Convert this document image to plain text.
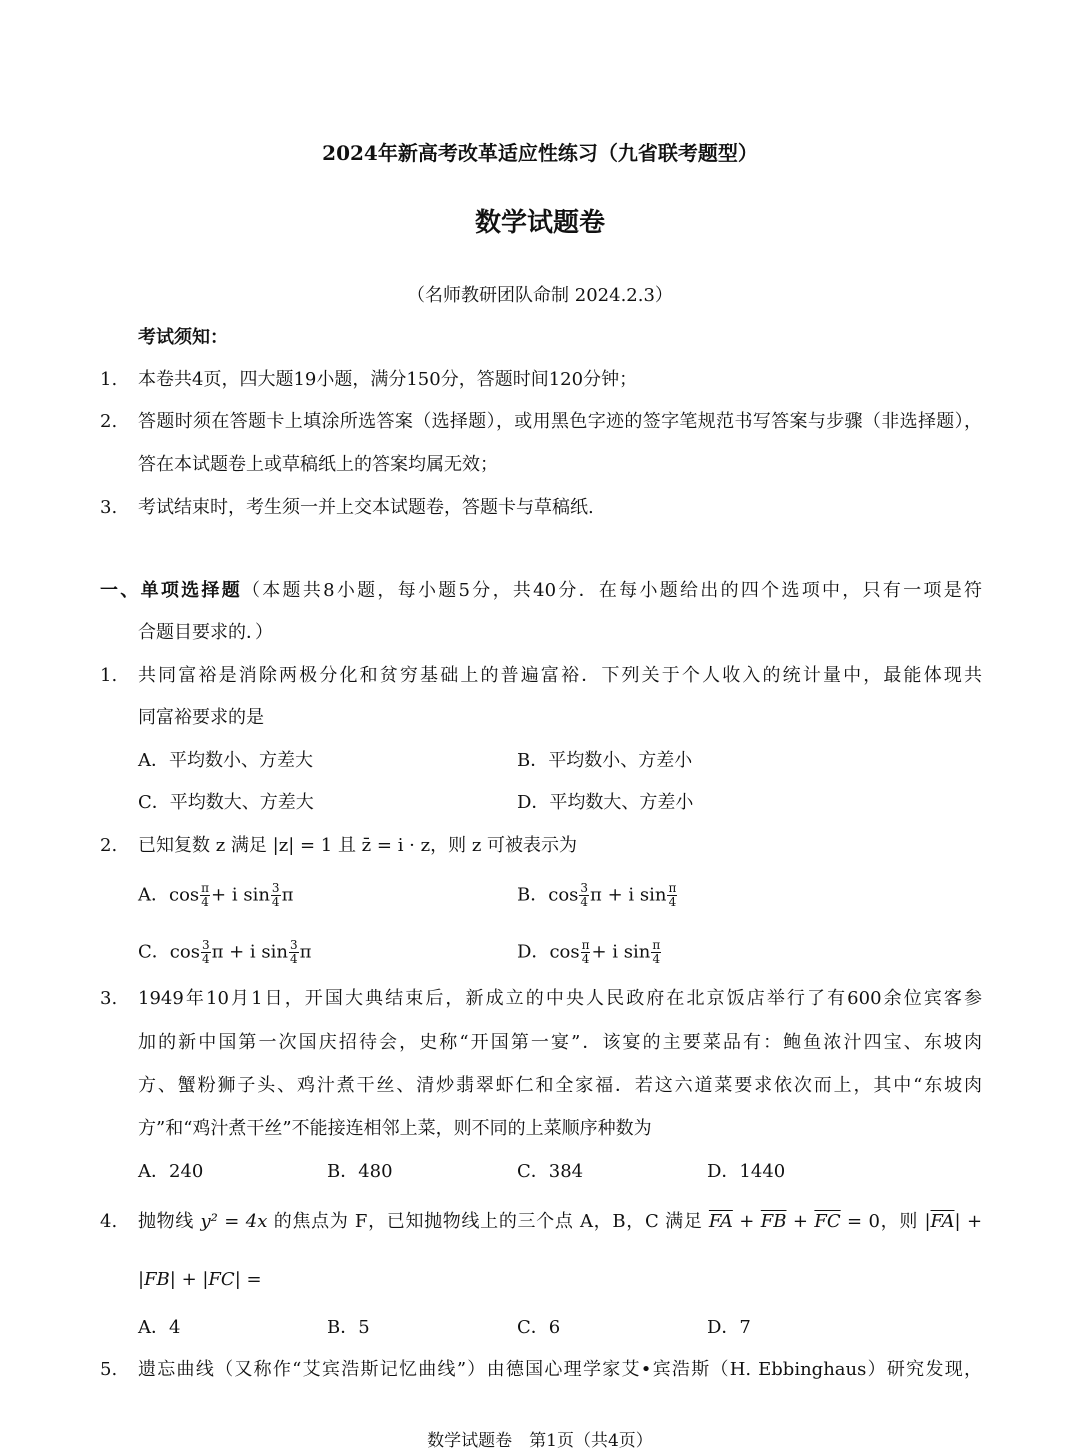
2024年新高考改革适应性练习（九省联考题型）
数学试题卷
（名师教研团队命制 2024.2.3）
考试须知：
1. 本卷共4页，四大题19小题，满分150分，答题时间120分钟；
2. 答题时须在答题卡上填涂所选答案（选择题），或用黑色字迹的签字笔规范书写答案与步骤（非选择题），
答在本试题卷上或草稿纸上的答案均属无效；
3. 考试结束时，考生须一并上交本试题卷，答题卡与草稿纸.
一、单项选择题（本题共8小题，每小题5分，共40分．在每小题给出的四个选项中，只有一项是符
合题目要求的．）
1. 共同富裕是消除两极分化和贫穷基础上的普遍富裕．下列关于个人收入的统计量中，最能体现共
同富裕要求的是
A．平均数小、方差大	B．平均数小、方差小
C．平均数大、方差大	D．平均数大、方差小
2. 已知复数 z 满足 |z| = 1 且 z̄ = i · z，则 z 可被表示为
A．$\cos \frac{\pi}{4} + i$ $\sin \frac{3}{4}$ π	B．$\cos \frac{3}{4}$ π + i $\sin \frac{\pi}{4}$
C．$\cos \frac{3}{4}$ π + i $\sin \frac{3}{4}$ π	D．$\cos \frac{\pi}{4} + i$ $\sin \frac{\pi}{4}$
3. 1949年10月1日，开国大典结束后，新成立的中央人民政府在北京饭店举行了有600余位宾客参
加的新中国第一次国庆招待会，史称“开国第一宴”．该宴的主要菜品有：鲍鱼浓汁四宝、东坡肉
方、蟹粉狮子头、鸡汁煮干丝、清炒翡翠虾仁和全家福．若这六道菜要求依次而上，其中“东坡肉
方”和“鸡汁煮干丝”不能接连相邻上菜，则不同的上菜顺序种数为
A．240	B．480	C．384	D．1440
4. 抛物线 y² = 4x 的焦点为 F，已知抛物线上的三个点 A，B，C 满足 $\overline{FA} + \overline{FB} + \overline{FC} = 0$，则 $|\overline{FA}|$ +
|FB| + |FC| =
A．4	B．5	C．6	D．7
5. 遗忘曲线（又称作“艾宾浩斯记忆曲线”）由德国心理学家艾•宾浩斯（H. Ebbinghaus）研究发现，
数学试题卷　第1页（共4页）
